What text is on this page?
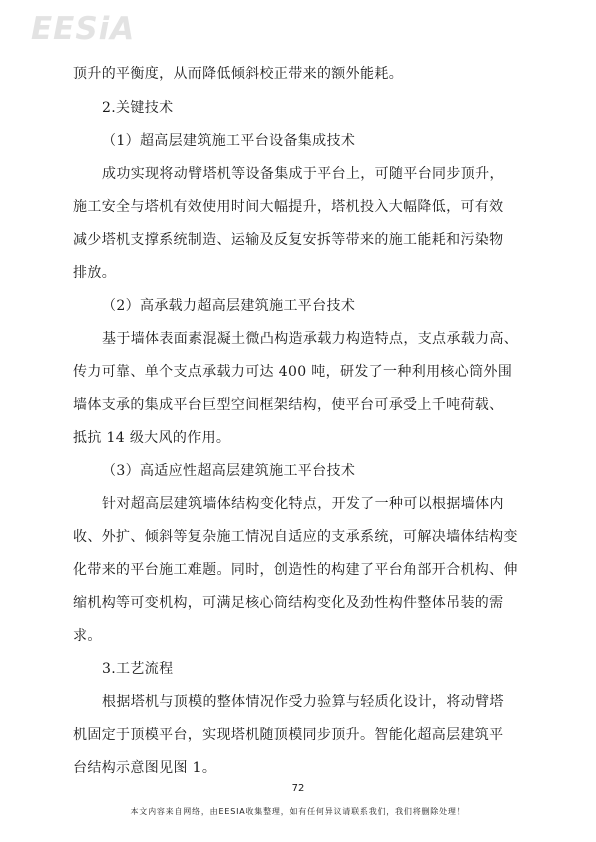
EESiA
顶升的平衡度，从而降低倾斜校正带来的额外能耗。
2.关键技术
（1）超高层建筑施工平台设备集成技术
成功实现将动臂塔机等设备集成于平台上，可随平台同步顶升，
施工安全与塔机有效使用时间大幅提升，塔机投入大幅降低，可有效
减少塔机支撑系统制造、运输及反复安拆等带来的施工能耗和污染物
排放。
（2）高承载力超高层建筑施工平台技术
基于墙体表面素混凝土微凸构造承载力构造特点，支点承载力高、
传力可靠、单个支点承载力可达 400 吨，研发了一种利用核心筒外围
墙体支承的集成平台巨型空间框架结构，使平台可承受上千吨荷载、
抵抗 14 级大风的作用。
（3）高适应性超高层建筑施工平台技术
针对超高层建筑墙体结构变化特点，开发了一种可以根据墙体内
收、外扩、倾斜等复杂施工情况自适应的支承系统，可解决墙体结构变
化带来的平台施工难题。同时，创造性的构建了平台角部开合机构、伸
缩机构等可变机构，可满足核心筒结构变化及劲性构件整体吊装的需
求。
3.工艺流程
根据塔机与顶模的整体情况作受力验算与轻质化设计，将动臂塔
机固定于顶模平台，实现塔机随顶模同步顶升。智能化超高层建筑平
台结构示意图见图 1。
72
本文内容来自网络，由EESIA收集整理，如有任何异议请联系我们，我们将删除处理！
